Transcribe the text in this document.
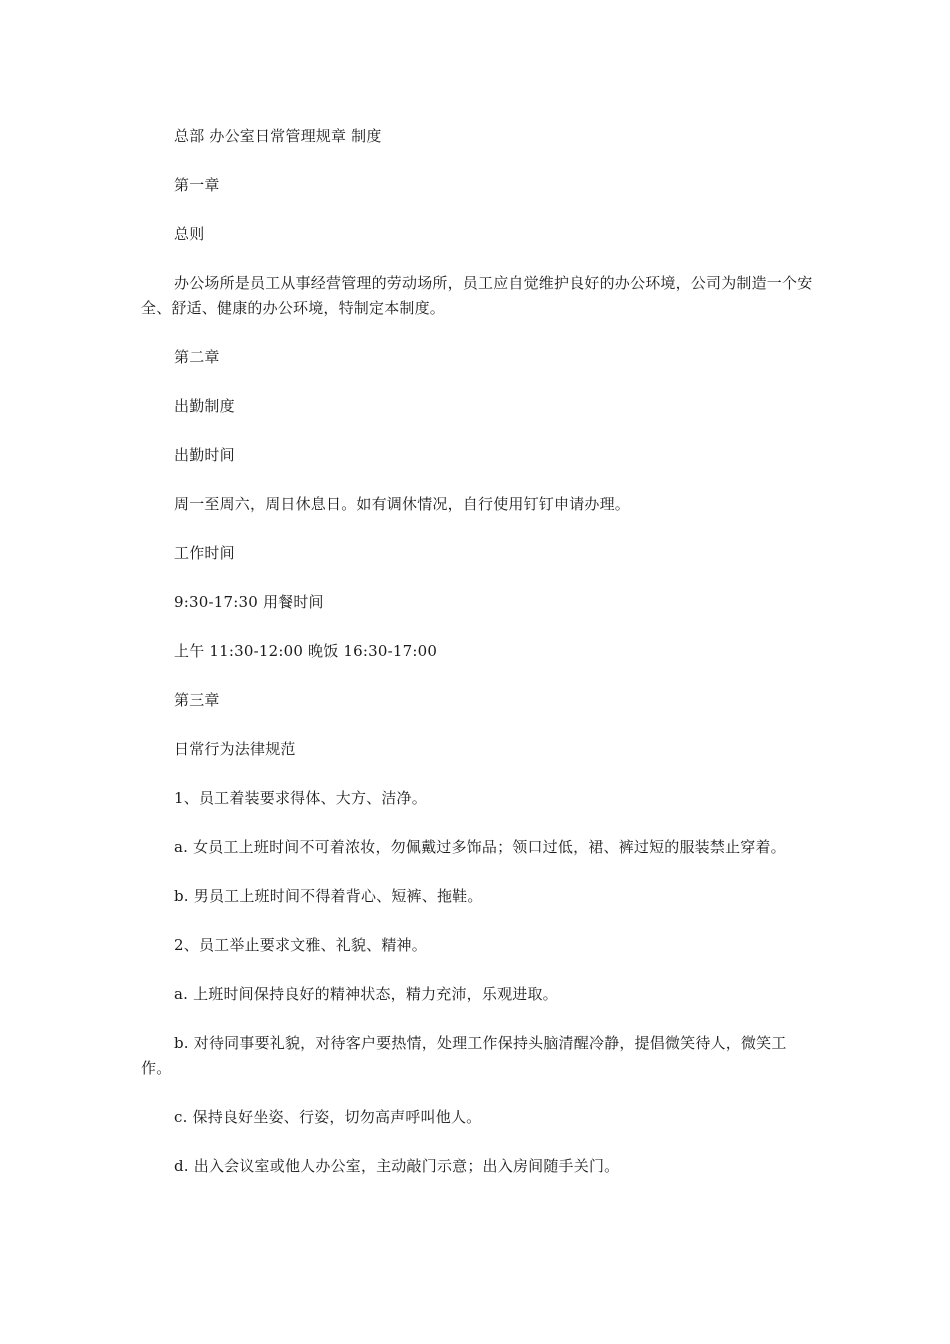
总部 办公室日常管理规章 制度

第一章

总则

办公场所是员工从事经营管理的劳动场所，员工应自觉维护良好的办公环境，公司为制造一个安全、舒适、健康的办公环境，特制定本制度。

第二章

出勤制度

出勤时间

周一至周六，周日休息日。如有调休情况，自行使用钉钉申请办理。

工作时间

9:30-17:30 用餐时间

上午 11:30-12:00 晚饭 16:30-17:00

第三章

日常行为法律规范

1、员工着装要求得体、大方、洁净。

a. 女员工上班时间不可着浓妆，勿佩戴过多饰品；领口过低，裙、裤过短的服装禁止穿着。

b. 男员工上班时间不得着背心、短裤、拖鞋。

2、员工举止要求文雅、礼貌、精神。

a. 上班时间保持良好的精神状态，精力充沛，乐观进取。

b. 对待同事要礼貌，对待客户要热情，处理工作保持头脑清醒冷静，提倡微笑待人，微笑工作。

c. 保持良好坐姿、行姿，切勿高声呼叫他人。

d. 出入会议室或他人办公室，主动敲门示意；出入房间随手关门。
